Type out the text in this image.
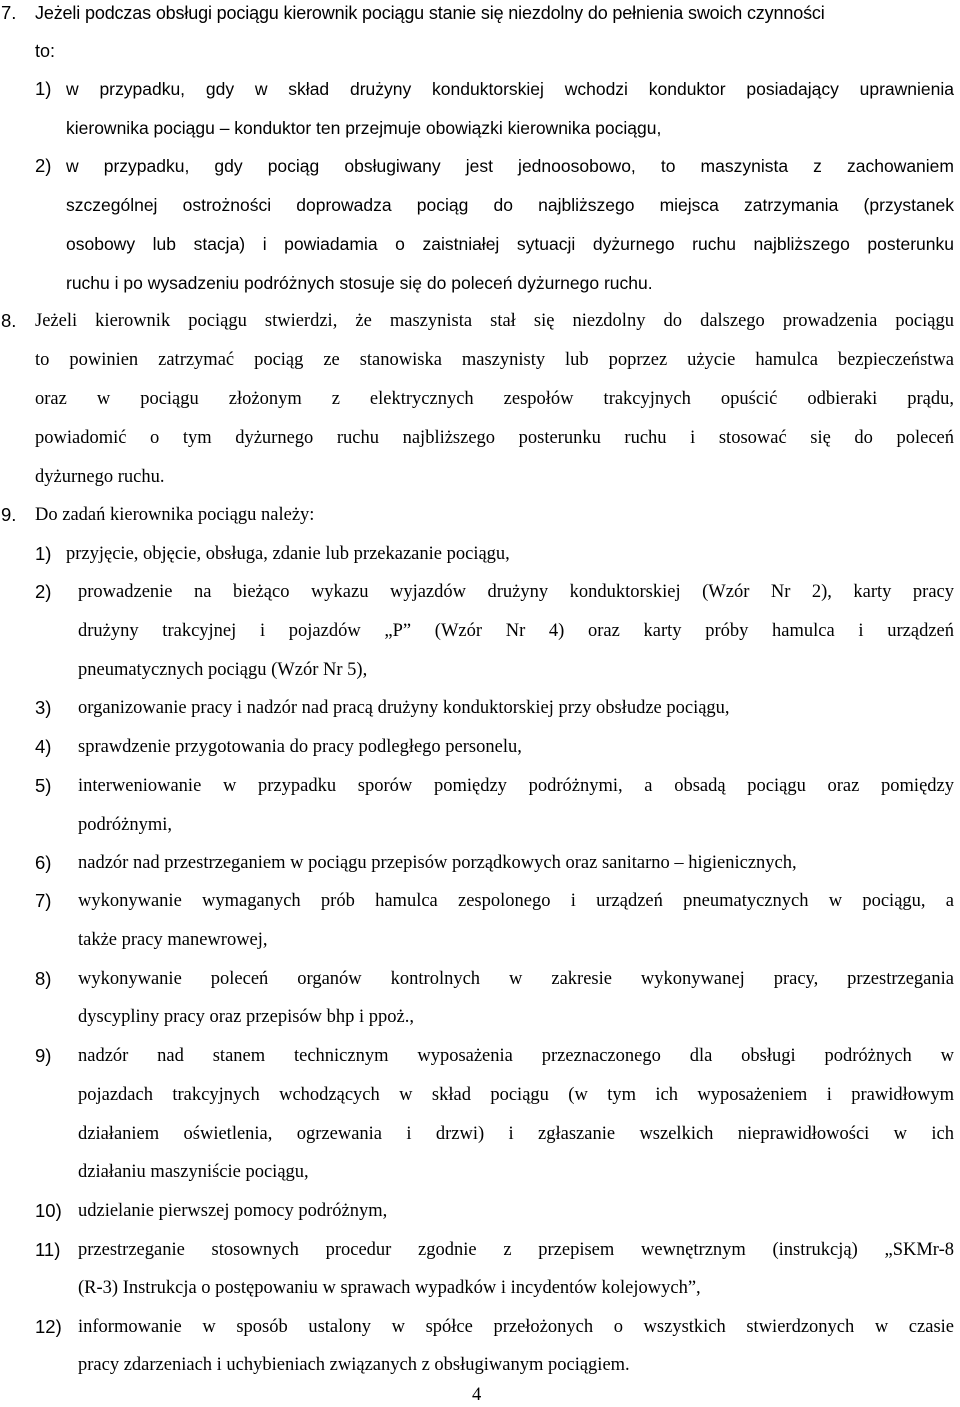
7. Jeżeli podczas obsługi pociągu kierownik pociągu stanie się niezdolny do pełnienia swoich czynności
to:
1) w przypadku, gdy w skład drużyny konduktorskiej wchodzi konduktor posiadający uprawnienia
kierownika pociągu – konduktor ten przejmuje obowiązki kierownika pociągu,
2) w przypadku, gdy pociąg obsługiwany jest jednoosobowo, to maszynista z zachowaniem
szczególnej ostrożności doprowadza pociąg do najbliższego miejsca zatrzymania (przystanek
osobowy lub stacja) i powiadamia o zaistniałej sytuacji dyżurnego ruchu najbliższego posterunku
ruchu i po wysadzeniu podróżnych stosuje się do poleceń dyżurnego ruchu.
8. Jeżeli kierownik pociągu stwierdzi, że maszynista stał się niezdolny do dalszego prowadzenia pociągu
to powinien zatrzymać pociąg ze stanowiska maszynisty lub poprzez użycie hamulca bezpieczeństwa
oraz w pociągu złożonym z elektrycznych zespołów trakcyjnych opuścić odbieraki prądu,
powiadomić o tym dyżurnego ruchu najbliższego posterunku ruchu i stosować się do poleceń
dyżurnego ruchu.
9. Do zadań kierownika pociągu należy:
1) przyjęcie, objęcie, obsługa, zdanie lub przekazanie pociągu,
2) prowadzenie na bieżąco wykazu wyjazdów drużyny konduktorskiej (Wzór Nr 2), karty pracy
drużyny trakcyjnej i pojazdów „P” (Wzór Nr 4) oraz karty próby hamulca i urządzeń
pneumatycznych pociągu (Wzór Nr 5),
3) organizowanie pracy i nadzór nad pracą drużyny konduktorskiej przy obsłudze pociągu,
4) sprawdzenie przygotowania do pracy podległego personelu,
5) interweniowanie w przypadku sporów pomiędzy podróżnymi, a obsadą pociągu oraz pomiędzy
podróżnymi,
6) nadzór nad przestrzeganiem w pociągu przepisów porządkowych oraz sanitarno – higienicznych,
7) wykonywanie wymaganych prób hamulca zespolonego i urządzeń pneumatycznych w pociągu, a
także pracy manewrowej,
8) wykonywanie poleceń organów kontrolnych w zakresie wykonywanej pracy, przestrzegania
dyscypliny pracy oraz przepisów bhp i ppoż.,
9) nadzór nad stanem technicznym wyposażenia przeznaczonego dla obsługi podróżnych w
pojazdach trakcyjnych wchodzących w skład pociągu (w tym ich wyposażeniem i prawidłowym
działaniem oświetlenia, ogrzewania i drzwi) i zgłaszanie wszelkich nieprawidłowości w ich
działaniu maszyniście pociągu,
10) udzielanie pierwszej pomocy podróżnym,
11) przestrzeganie stosownych procedur zgodnie z przepisem wewnętrznym (instrukcją) „SKMr-8
(R-3) Instrukcja o postępowaniu w sprawach wypadków i incydentów kolejowych”,
12) informowanie w sposób ustalony w spółce przełożonych o wszystkich stwierdzonych w czasie
pracy zdarzeniach i uchybieniach związanych z obsługiwanym pociągiem.
4
